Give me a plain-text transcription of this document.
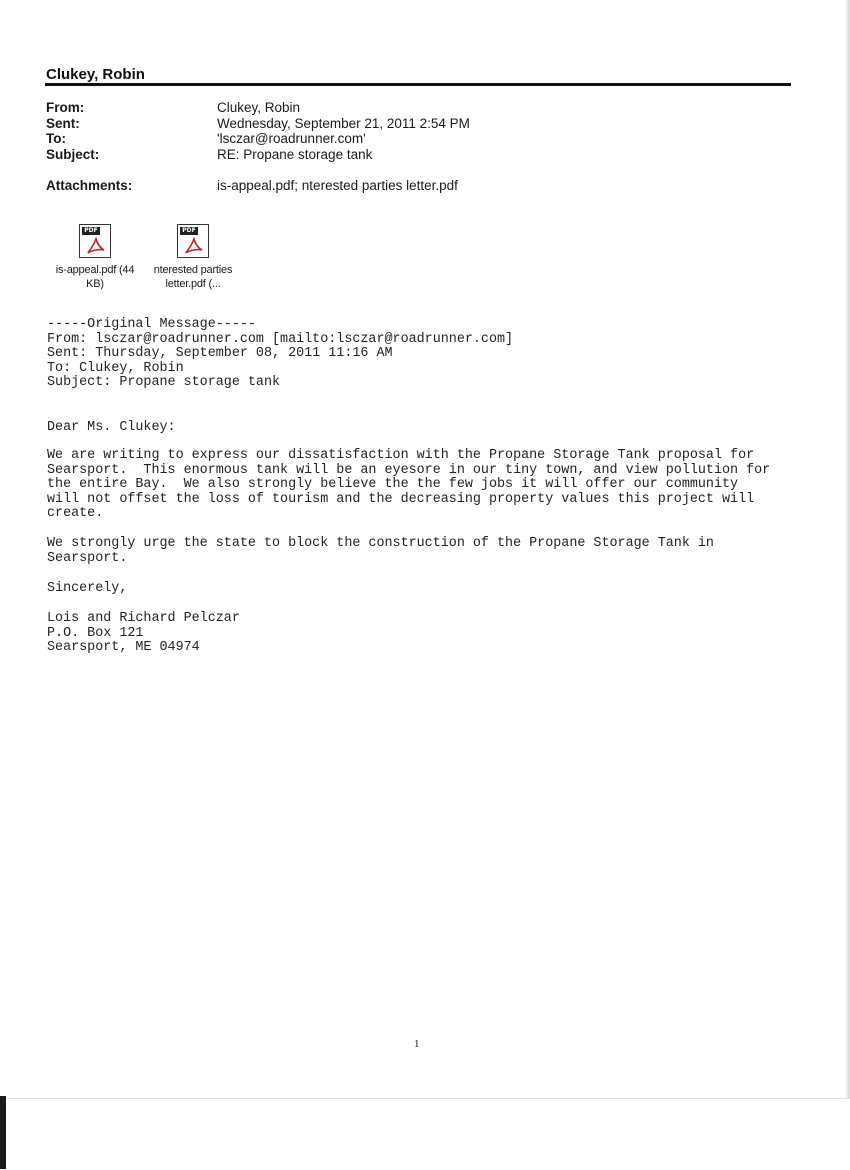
Clukey, Robin
From:	Clukey, Robin
Sent:	Wednesday, September 21, 2011 2:54 PM
To:	'lsczar@roadrunner.com'
Subject:	RE: Propane storage tank
Attachments:	is-appeal.pdf; nterested parties letter.pdf
PDF
is-appeal.pdf (44
KB)
PDF
nterested parties
letter.pdf (...
-----Original Message-----
From: lsczar@roadrunner.com [mailto:lsczar@roadrunner.com]
Sent: Thursday, September 08, 2011 11:16 AM
To: Clukey, Robin
Subject: Propane storage tank
Dear Ms. Clukey:
We are writing to express our dissatisfaction with the Propane Storage Tank proposal for
Searsport.  This enormous tank will be an eyesore in our tiny town, and view pollution for
the entire Bay.  We also strongly believe the the few jobs it will offer our community
will not offset the loss of tourism and the decreasing property values this project will
create.
We strongly urge the state to block the construction of the Propane Storage Tank in
Searsport.
Sincerely,
Lois and Richard Pelczar
P.O. Box 121
Searsport, ME 04974
1
